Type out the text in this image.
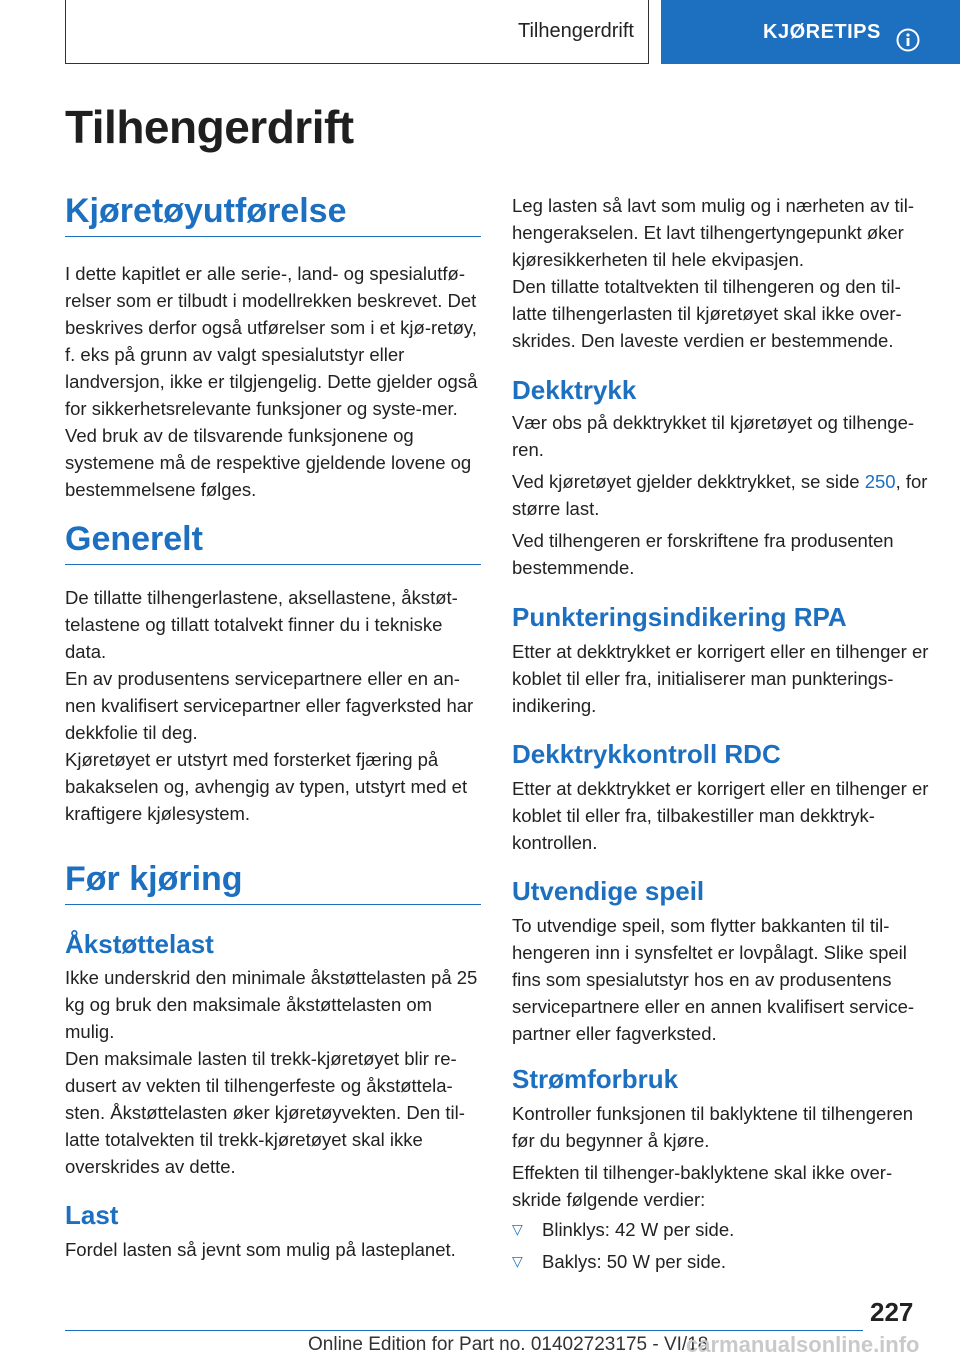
Tilhengerdrift	KJØRETIPS
Tilhengerdrift
Kjøretøyutførelse

I dette kapitlet er alle serie-, land- og spesialutfø-relser som er tilbudt i modellrekken beskrevet. Det beskrives derfor også utførelser som i et kjø-retøy, f. eks på grunn av valgt spesialutstyr eller landversjon, ikke er tilgjengelig. Dette gjelder også for sikkerhetsrelevante funksjoner og syste-mer. Ved bruk av de tilsvarende funksjonene og systemene må de respektive gjeldende lovene og bestemmelsene følges.

Generelt

De tillatte tilhengerlastene, aksellastene, åkstøt-telastene og tillatt totalvekt finner du i tekniske data.

En av produsentens servicepartnere eller en an-nen kvalifisert servicepartner eller fagverksted har dekkfolie til deg.

Kjøretøyet er utstyrt med forsterket fjæring på bakakselen og, avhengig av typen, utstyrt med et kraftigere kjølesystem.

Før kjøring
Åkstøttelast

Ikke underskrid den minimale åkstøttelasten på 25 kg og bruk den maksimale åkstøttelasten om mulig.

Den maksimale lasten til trekk-kjøretøyet blir re-dusert av vekten til tilhengerfeste og åkstøttela-sten. Åkstøttelasten øker kjøretøyvekten. Den til-latte totalvekten til trekk-kjøretøyet skal ikke overskrides av dette.

Last

Fordel lasten så jevnt som mulig på lasteplanet.

Leg lasten så lavt som mulig og i nærheten av til-hengerakselen. Et lavt tilhengertyngepunkt øker kjøresikkerheten til hele ekvipasjen.

Den tillatte totaltvekten til tilhengeren og den til-latte tilhengerlasten til kjøretøyet skal ikke over-skrides. Den laveste verdien er bestemmende.

Dekktrykk

Vær obs på dekktrykket til kjøretøyet og tilhenge-ren.

Ved kjøretøyet gjelder dekktrykket, se side 250, for større last.

Ved tilhengeren er forskriftene fra produsenten bestemmende.

Punkteringsindikering RPA

Etter at dekktrykket er korrigert eller en tilhenger er koblet til eller fra, initialiserer man punkterings-indikering.

Dekktrykkontroll RDC

Etter at dekktrykket er korrigert eller en tilhenger er koblet til eller fra, tilbakestiller man dekktryk-kontrollen.

Utvendige speil

To utvendige speil, som flytter bakkanten til til-hengeren inn i synsfeltet er lovpålagt. Slike speil fins som spesialutstyr hos en av produsentens servicepartnere eller en annen kvalifisert service-partner eller fagverksted.

Strømforbruk

Kontroller funksjonen til baklyktene til tilhengeren før du begynner å kjøre.

Effekten til tilhenger-baklyktene skal ikke over-skride følgende verdier:

▽ Blinklys: 42 W per side.
▽ Baklys: 50 W per side.
227
Online Edition for Part no. 01402723175 - VI/18
carmanualsonline.info
